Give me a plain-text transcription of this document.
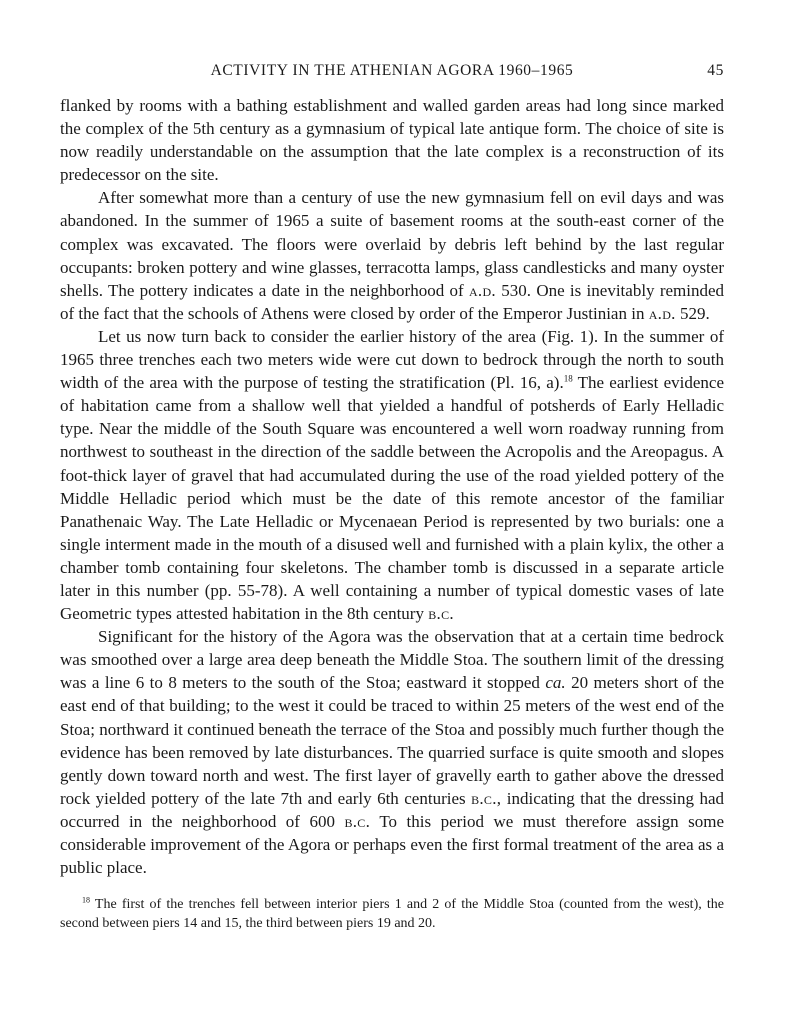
ACTIVITY IN THE ATHENIAN AGORA 1960–1965	45

flanked by rooms with a bathing establishment and walled garden areas had long since marked the complex of the 5th century as a gymnasium of typical late antique form. The choice of site is now readily understandable on the assumption that the late complex is a reconstruction of its predecessor on the site.

After somewhat more than a century of use the new gymnasium fell on evil days and was abandoned. In the summer of 1965 a suite of basement rooms at the south-east corner of the complex was excavated. The floors were overlaid by debris left behind by the last regular occupants: broken pottery and wine glasses, terracotta lamps, glass candlesticks and many oyster shells. The pottery indicates a date in the neighborhood of a.d. 530. One is inevitably reminded of the fact that the schools of Athens were closed by order of the Emperor Justinian in a.d. 529.

Let us now turn back to consider the earlier history of the area (Fig. 1). In the summer of 1965 three trenches each two meters wide were cut down to bedrock through the north to south width of the area with the purpose of testing the stratification (Pl. 16, a).$^{18}$ The earliest evidence of habitation came from a shallow well that yielded a handful of potsherds of Early Helladic type. Near the middle of the South Square was encountered a well worn roadway running from northwest to southeast in the direction of the saddle between the Acropolis and the Areopagus. A foot-thick layer of gravel that had accumulated during the use of the road yielded pottery of the Middle Helladic period which must be the date of this remote ancestor of the familiar Panathenaic Way. The Late Helladic or Mycenaean Period is represented by two burials: one a single interment made in the mouth of a disused well and furnished with a plain kylix, the other a chamber tomb containing four skeletons. The chamber tomb is discussed in a separate article later in this number (pp. 55-78). A well containing a number of typical domestic vases of late Geometric types attested habitation in the 8th century b.c.

Significant for the history of the Agora was the observation that at a certain time bedrock was smoothed over a large area deep beneath the Middle Stoa. The southern limit of the dressing was a line 6 to 8 meters to the south of the Stoa; eastward it stopped ca. 20 meters short of the east end of that building; to the west it could be traced to within 25 meters of the west end of the Stoa; northward it continued beneath the terrace of the Stoa and possibly much further though the evidence has been removed by late disturbances. The quarried surface is quite smooth and slopes gently down toward north and west. The first layer of gravelly earth to gather above the dressed rock yielded pottery of the late 7th and early 6th centuries b.c., indicating that the dressing had occurred in the neighborhood of 600 b.c. To this period we must therefore assign some considerable improvement of the Agora or perhaps even the first formal treatment of the area as a public place.

$^{18}$ The first of the trenches fell between interior piers 1 and 2 of the Middle Stoa (counted from the west), the second between piers 14 and 15, the third between piers 19 and 20.
